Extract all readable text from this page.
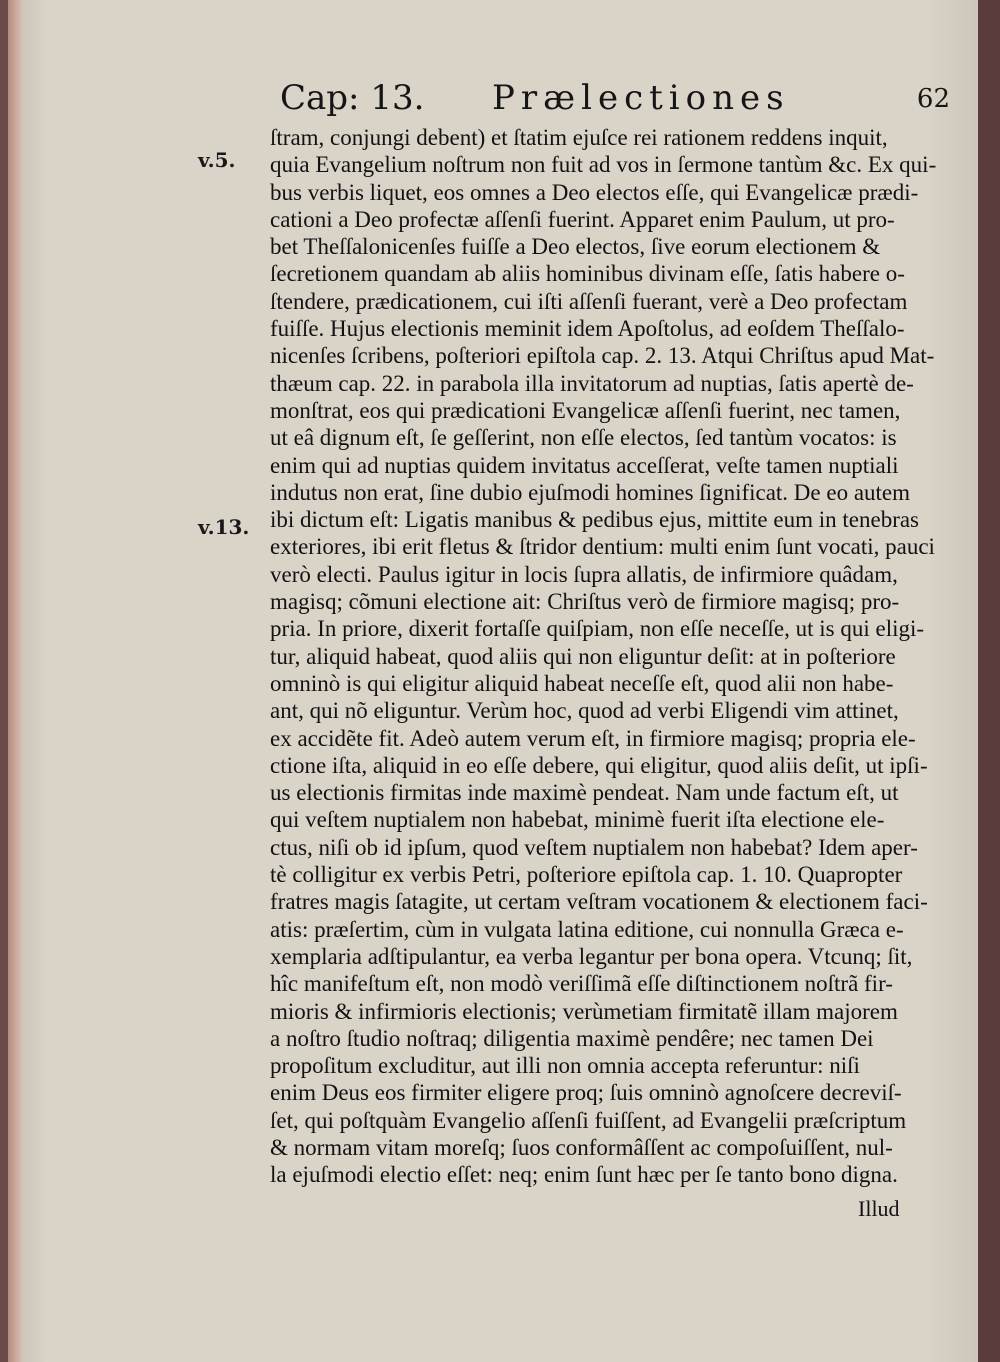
Cap: 13. Prælectiones	62
v.5.
v.13.
ſtram, conjungi debent) et ſtatim ejuſce rei rationem reddens inquit,
quia Evangelium noſtrum non fuit ad vos in ſermone tantùm &c. Ex qui-
bus verbis liquet, eos omnes a Deo electos eſſe, qui Evangelicæ prædi-
cationi a Deo profectæ aſſenſi fuerint. Apparet enim Paulum, ut pro-
bet Theſſalonicenſes fuiſſe a Deo electos, ſive eorum electionem &
ſecretionem quandam ab aliis hominibus divinam eſſe, ſatis habere o-
ſtendere, prædicationem, cui iſti aſſenſi fuerant, verè a Deo profectam
fuiſſe. Hujus electionis meminit idem Apoſtolus, ad eoſdem Theſſalo-
nicenſes ſcribens, poſteriori epiſtola cap. 2. 13. Atqui Chriſtus apud Mat-
thæum cap. 22. in parabola illa invitatorum ad nuptias, ſatis apertè de-
monſtrat, eos qui prædicationi Evangelicæ aſſenſi fuerint, nec tamen,
ut eâ dignum eſt, ſe geſſerint, non eſſe electos, ſed tantùm vocatos: is
enim qui ad nuptias quidem invitatus acceſſerat, veſte tamen nuptiali
indutus non erat, ſine dubio ejuſmodi homines ſignificat. De eo autem
ibi dictum eſt: Ligatis manibus & pedibus ejus, mittite eum in tenebras
exteriores, ibi erit fletus & ſtridor dentium: multi enim ſunt vocati, pauci
verò electi. Paulus igitur in locis ſupra allatis, de infirmiore quâdam,
magisq; cõmuni electione ait: Chriſtus verò de firmiore magisq; pro-
pria. In priore, dixerit fortaſſe quiſpiam, non eſſe neceſſe, ut is qui eligi-
tur, aliquid habeat, quod aliis qui non eliguntur deſit: at in poſteriore
omninò is qui eligitur aliquid habeat neceſſe eſt, quod alii non habe-
ant, qui nõ eliguntur. Verùm hoc, quod ad verbi Eligendi vim attinet,
ex accidẽte fit. Adeò autem verum eſt, in firmiore magisq; propria ele-
ctione iſta, aliquid in eo eſſe debere, qui eligitur, quod aliis deſit, ut ipſi-
us electionis firmitas inde maximè pendeat. Nam unde factum eſt, ut
qui veſtem nuptialem non habebat, minimè fuerit iſta electione ele-
ctus, niſi ob id ipſum, quod veſtem nuptialem non habebat? Idem aper-
tè colligitur ex verbis Petri, poſteriore epiſtola cap. 1. 10. Quapropter
fratres magis ſatagite, ut certam veſtram vocationem & electionem faci-
atis: præſertim, cùm in vulgata latina editione, cui nonnulla Græca e-
xemplaria adſtipulantur, ea verba legantur per bona opera. Vtcunq; ſit,
hîc manifeſtum eſt, non modò veriſſimã eſſe diſtinctionem noſtrã fir-
mioris & infirmioris electionis; verùmetiam firmitatẽ illam majorem
a noſtro ſtudio noſtraq; diligentia maximè pendêre; nec tamen Dei
propoſitum excluditur, aut illi non omnia accepta referuntur: niſi
enim Deus eos firmiter eligere proq; ſuis omninò agnoſcere decreviſ-
ſet, qui poſtquàm Evangelio aſſenſi fuiſſent, ad Evangelii præſcriptum
& normam vitam moreſq; ſuos conformâſſent ac compoſuiſſent, nul-
la ejuſmodi electio eſſet: neq; enim ſunt hæc per ſe tanto bono digna.
Illud
